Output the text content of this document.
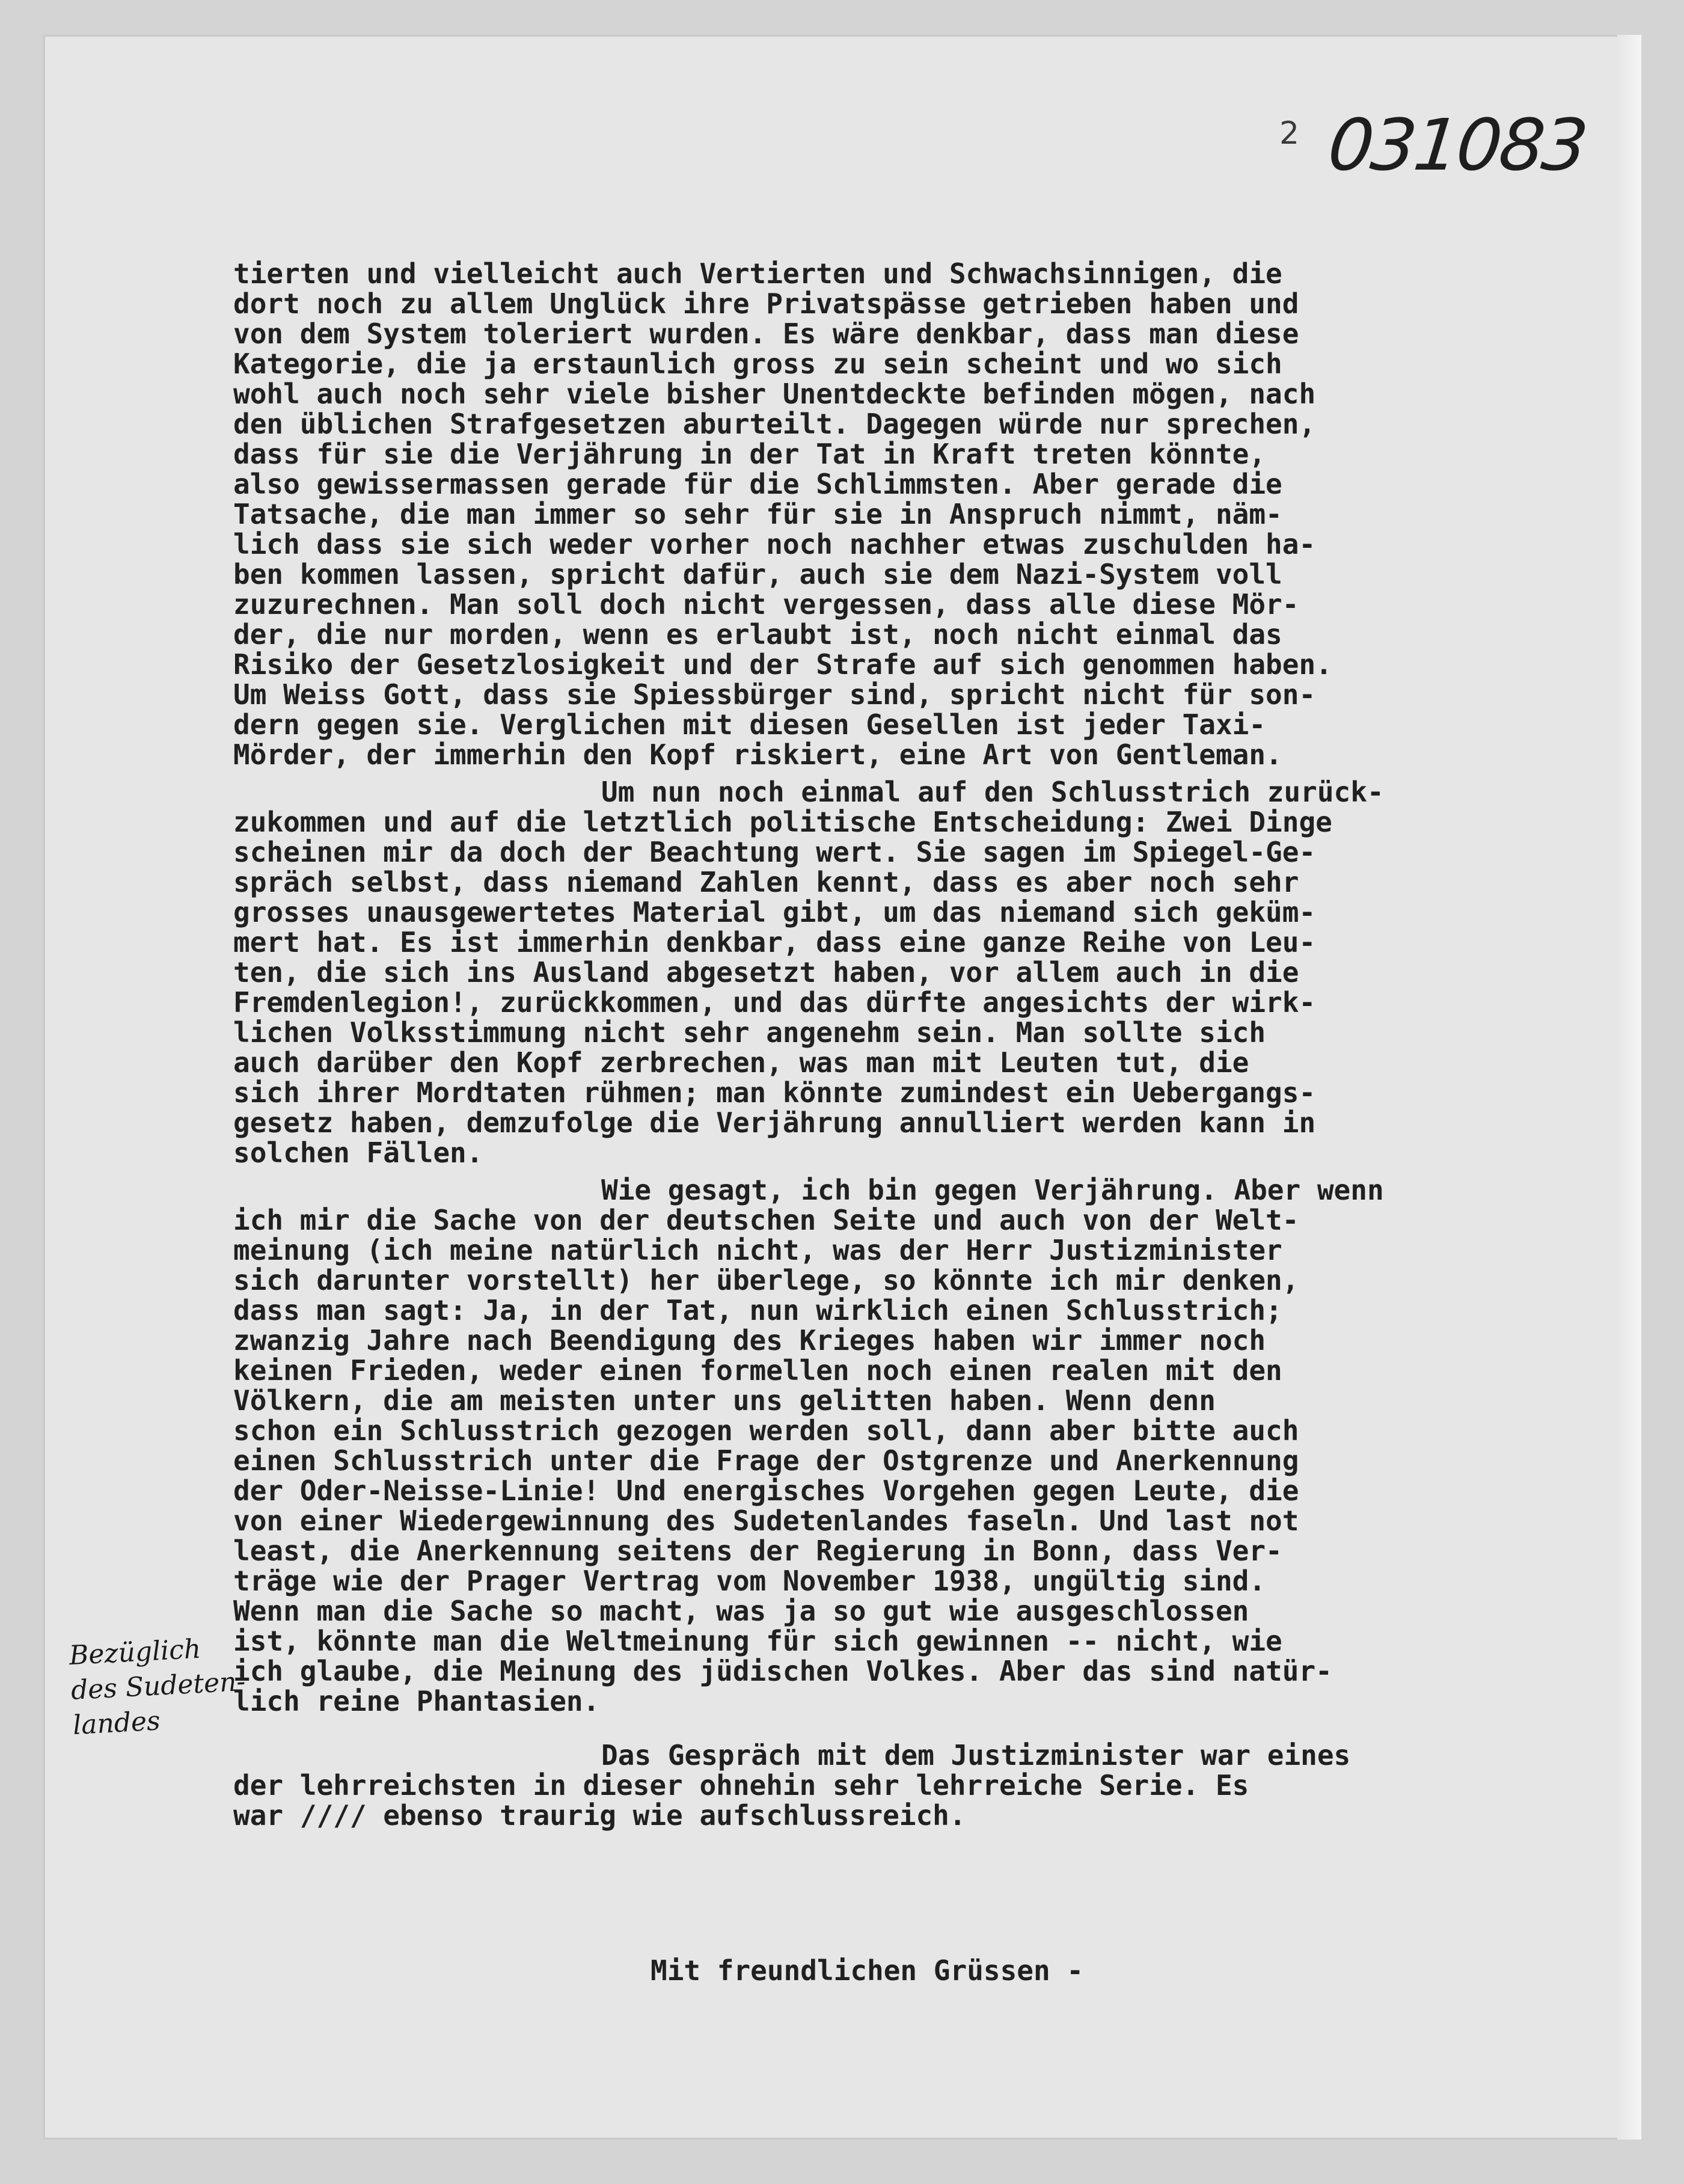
2 031083
Bezüglich
des Sudeten-
landes
tierten und vielleicht auch Vertierten und Schwachsinnigen, die
dort noch zu allem Unglück ihre Privatspässe getrieben haben und
von dem System toleriert wurden. Es wäre denkbar, dass man diese
Kategorie, die ja erstaunlich gross zu sein scheint und wo sich
wohl auch noch sehr viele bisher Unentdeckte befinden mögen, nach
den üblichen Strafgesetzen aburteilt. Dagegen würde nur sprechen,
dass für sie die Verjährung in der Tat in Kraft treten könnte,
also gewissermassen gerade für die Schlimmsten. Aber gerade die
Tatsache, die man immer so sehr für sie in Anspruch nimmt, näm-
lich dass sie sich weder vorher noch nachher etwas zuschulden ha-
ben kommen lassen, spricht dafür, auch sie dem Nazi-System voll
zuzurechnen. Man soll doch nicht vergessen, dass alle diese Mör-
der, die nur morden, wenn es erlaubt ist, noch nicht einmal das
Risiko der Gesetzlosigkeit und der Strafe auf sich genommen haben.
Um Weiss Gott, dass sie Spiessbürger sind, spricht nicht für son-
dern gegen sie. Verglichen mit diesen Gesellen ist jeder Taxi-
Mörder, der immerhin den Kopf riskiert, eine Art von Gentleman.
Um nun noch einmal auf den Schlusstrich zurück-
zukommen und auf die letztlich politische Entscheidung: Zwei Dinge
scheinen mir da doch der Beachtung wert. Sie sagen im Spiegel-Ge-
spräch selbst, dass niemand Zahlen kennt, dass es aber noch sehr
grosses unausgewertetes Material gibt, um das niemand sich geküm-
mert hat. Es ist immerhin denkbar, dass eine ganze Reihe von Leu-
ten, die sich ins Ausland abgesetzt haben, vor allem auch in die
Fremdenlegion!, zurückkommen, und das dürfte angesichts der wirk-
lichen Volksstimmung nicht sehr angenehm sein. Man sollte sich
auch darüber den Kopf zerbrechen, was man mit Leuten tut, die
sich ihrer Mordtaten rühmen; man könnte zumindest ein Uebergangs-
gesetz haben, demzufolge die Verjährung annulliert werden kann in
solchen Fällen.
Wie gesagt, ich bin gegen Verjährung. Aber wenn
ich mir die Sache von der deutschen Seite und auch von der Welt-
meinung (ich meine natürlich nicht, was der Herr Justizminister
sich darunter vorstellt) her überlege, so könnte ich mir denken,
dass man sagt: Ja, in der Tat, nun wirklich einen Schlusstrich;
zwanzig Jahre nach Beendigung des Krieges haben wir immer noch
keinen Frieden, weder einen formellen noch einen realen mit den
Völkern, die am meisten unter uns gelitten haben. Wenn denn
schon ein Schlusstrich gezogen werden soll, dann aber bitte auch
einen Schlusstrich unter die Frage der Ostgrenze und Anerkennung
der Oder-Neisse-Linie! Und energisches Vorgehen gegen Leute, die
von einer Wiedergewinnung des Sudetenlandes faseln. Und last not
least, die Anerkennung seitens der Regierung in Bonn, dass Ver-
träge wie der Prager Vertrag vom November 1938, ungültig sind.
Wenn man die Sache so macht, was ja so gut wie ausgeschlossen
ist, könnte man die Weltmeinung für sich gewinnen -- nicht, wie
ich glaube, die Meinung des jüdischen Volkes. Aber das sind natür-
lich reine Phantasien.
Das Gespräch mit dem Justizminister war eines
der lehrreichsten in dieser ohnehin sehr lehrreiche Serie. Es
war //// ebenso traurig wie aufschlussreich.
Mit freundlichen Grüssen -
